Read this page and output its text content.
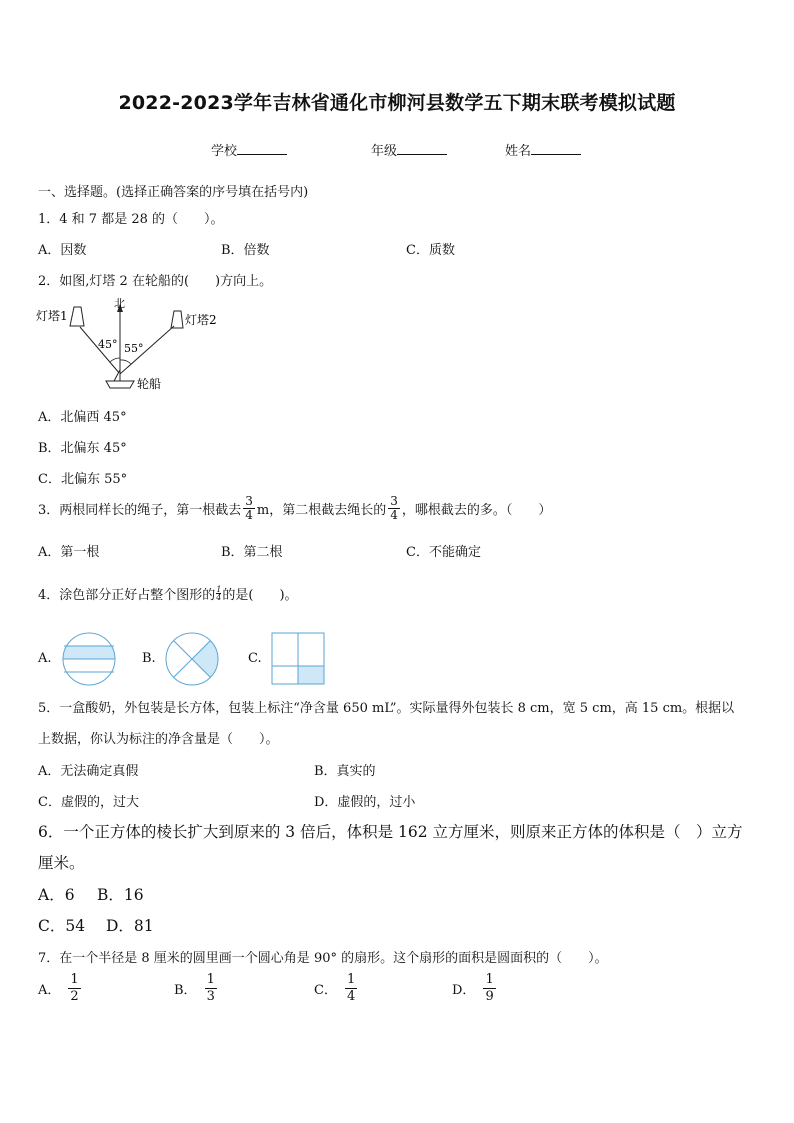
2022-2023学年吉林省通化市柳河县数学五下期末联考模拟试题
学校	年级	姓名
一、选择题。(选择正确答案的序号填在括号内)
1．4 和 7 都是 28 的（　　）。
A．因数	B．倍数	C．质数
2．如图,灯塔 2 在轮船的(　　)方向上。
灯塔1	灯塔2
北
45° 55°
轮船
A．北偏西 45°
B．北偏东 45°
C．北偏东 55°
3．两根同样长的绳子，第一根截去 $\frac{3}{4}$ m，第二根截去绳长的 $\frac{3}{4}$ ，哪根截去的多。（　　）
A．第一根	B．第二根	C．不能确定
4．涂色部分正好占整个图形的 $\frac{1}{4}$ 的是(　　)。
A.	B.	C.
5．一盒酸奶，外包装是长方体，包装上标注“净含量 650 mL”。实际量得外包装长 8 cm，宽 5 cm，高 15 cm。根据以
上数据，你认为标注的净含量是（　　）。
A．无法确定真假	B．真实的
C．虚假的，过大	D．虚假的，过小
6．一个正方体的棱长扩大到原来的 3 倍后，体积是 162 立方厘米，则原来正方体的体积是（　）立方
厘米。
A．6 B．16
C．54 D．81
7．在一个半径是 8 厘米的圆里画一个圆心角是 90° 的扇形。这个扇形的面积是圆面积的（　　）。
A． $\frac{1}{2}$	B． $\frac{1}{3}$	C． $\frac{1}{4}$	D． $\frac{1}{9}$
